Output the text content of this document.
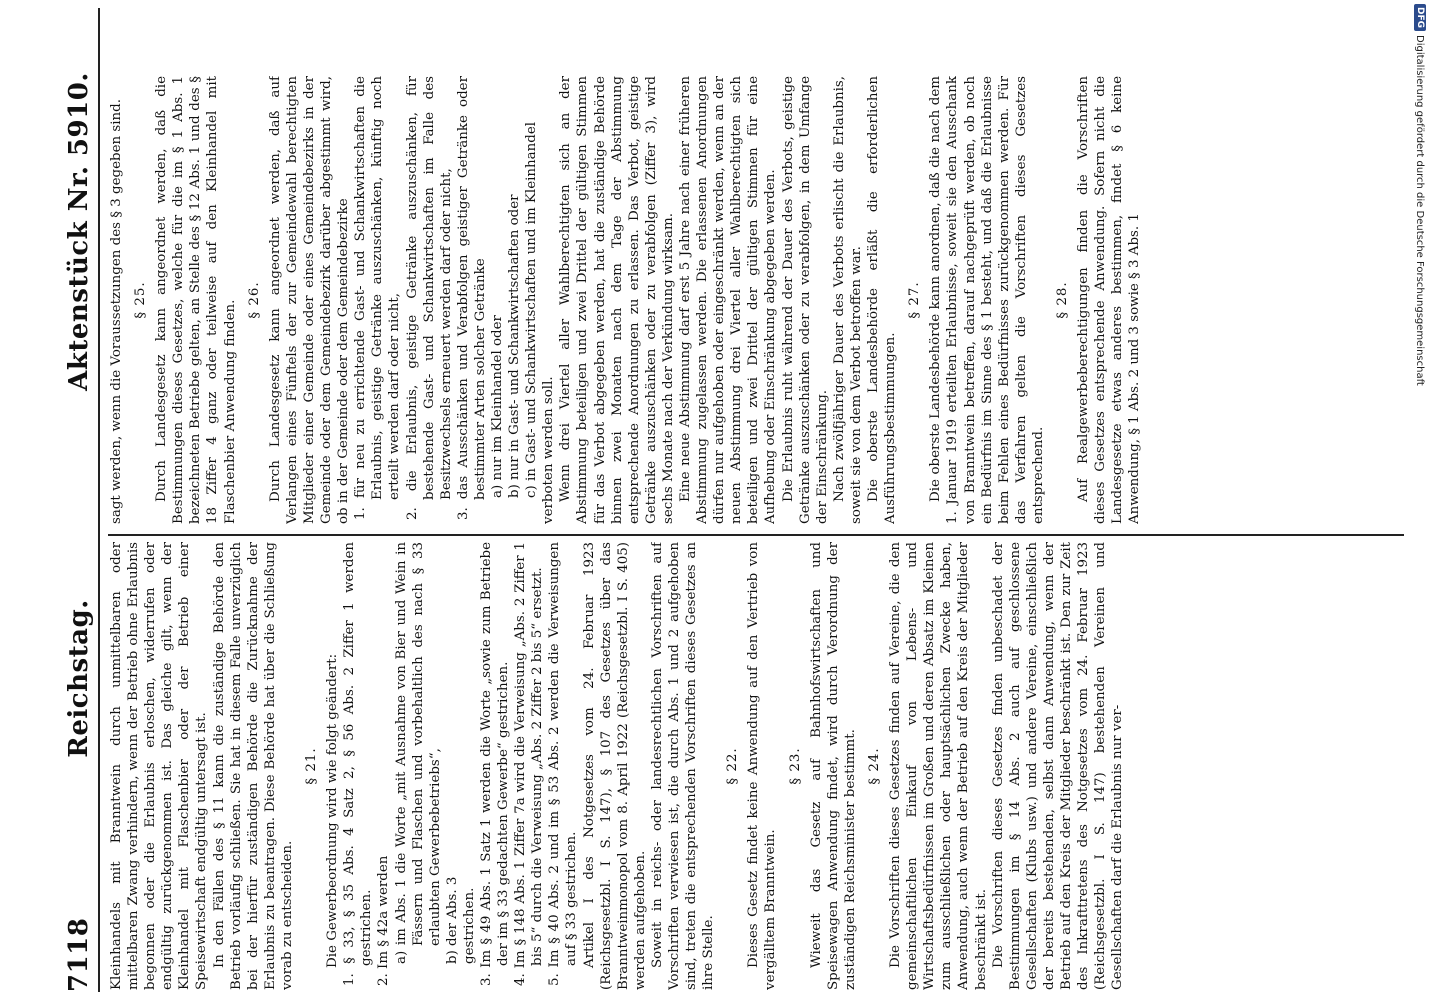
7118
Reichstag.
Aktenstück Nr. 5910.

Kleinhandels mit Branntwein durch unmittelbaren oder mittelbaren Zwang verhindern, wenn der Betrieb ohne Erlaubnis begonnen oder die Erlaubnis erloschen, widerrufen oder endgültig zurückgenommen ist. Das gleiche gilt, wenn der Kleinhandel mit Flaschenbier oder der Betrieb einer Speisewirtschaft endgültig untersagt ist. In den Fällen des § 11 kann die zuständige Behörde den Betrieb vorläufig schließen. Sie hat in diesem Falle unverzüglich bei der hierfür zuständigen Behörde die Zurücknahme der Erlaubnis zu beantragen. Diese Behörde hat über die Schließung vorab zu entscheiden.

§ 21. Die Gewerbeordnung wird wie folgt geändert: 1. § 33, § 35 Abs. 4 Satz 2, § 56 Abs. 2 Ziffer 1 werden gestrichen. 2. Im § 42a werden a) im Abs. 1 die Worte „mit Ausnahme von Bier und Wein in Fässern und Flaschen und vorbehaltlich des nach § 33 erlaubten Gewerbebetriebs“, b) der Abs. 3 gestrichen. 3. Im § 49 Abs. 1 Satz 1 werden die Worte „sowie zum Betriebe der im § 33 gedachten Gewerbe“ gestrichen. 4. Im § 148 Abs. 1 Ziffer 7a wird die Verweisung „Abs. 2 Ziffer 1 bis 5“ durch die Verweisung „Abs. 2 Ziffer 2 bis 5“ ersetzt. 5. Im § 40 Abs. 2 und im § 53 Abs. 2 werden die Verweisungen auf § 33 gestrichen. Artikel I des Notgesetzes vom 24. Februar 1923 (Reichsgesetzbl. I S. 147), § 107 des Gesetzes über das Branntweinmonopol vom 8. April 1922 (Reichsgesetzbl. I S. 405) werden aufgehoben. Soweit in reichs- oder landesrechtlichen Vorschriften auf Vorschriften verwiesen ist, die durch Abs. 1 und 2 aufgehoben sind, treten die entsprechenden Vorschriften dieses Gesetzes an ihre Stelle.

§ 22. Dieses Gesetz findet keine Anwendung auf den Vertrieb von vergälltem Branntwein.

§ 23. Wieweit das Gesetz auf Bahnhofswirtschaften und Speisewagen Anwendung findet, wird durch Verordnung der zuständigen Reichsminister bestimmt. § 24. Die Vorschriften dieses Gesetzes finden auf Vereine, die den gemeinschaftlichen Einkauf von Lebens- und Wirtschaftsbedürfnissen im Großen und deren Absatz im Kleinen zum ausschließlichen oder hauptsächlichen Zwecke haben, Anwendung, auch wenn der Betrieb auf den Kreis der Mitglieder beschränkt ist. Die Vorschriften dieses Gesetzes finden unbeschadet der Bestimmungen im § 14 Abs. 2 auch auf geschlossene Gesellschaften (Klubs usw.) und andere Vereine, einschließlich der bereits bestehenden, selbst dann Anwendung, wenn der Betrieb auf den Kreis der Mitglieder beschränkt ist. Den zur Zeit des Inkrafttretens des Notgesetzes vom 24. Februar 1923 (Reichsgesetzbl. I S. 147) bestehenden Vereinen und Gesellschaften darf die Erlaubnis nur ver-

sagt werden, wenn die Voraussetzungen des § 3 gegeben sind. § 25. Durch Landesgesetz kann angeordnet werden, daß die Bestimmungen dieses Gesetzes, welche für die im § 1 Abs. 1 bezeichneten Betriebe gelten, an Stelle des § 12 Abs. 1 und des § 18 Ziffer 4 ganz oder teilweise auf den Kleinhandel mit Flaschenbier Anwendung finden. § 26. Durch Landesgesetz kann angeordnet werden, daß auf Verlangen eines Fünftels der zur Gemeindewahl berechtigten Mitglieder einer Gemeinde oder eines Gemeindebezirks in der Gemeinde oder dem Gemeindebezirk darüber abgestimmt wird, ob in der Gemeinde oder dem Gemeindebezirke 1. für neu zu errichtende Gast- und Schankwirtschaften die Erlaubnis, geistige Getränke auszuschänken, künftig noch erteilt werden darf oder nicht, 2. die Erlaubnis, geistige Getränke auszuschänken, für bestehende Gast- und Schankwirtschaften im Falle des Besitzwechsels erneuert werden darf oder nicht, 3. das Ausschänken und Verabfolgen geistiger Getränke oder bestimmter Arten solcher Getränke a) nur im Kleinhandel oder b) nur in Gast- und Schankwirtschaften oder c) in Gast- und Schankwirtschaften und im Kleinhandel verboten werden soll. Wenn drei Viertel aller Wahlberechtigten sich an der Abstimmung beteiligen und zwei Drittel der gültigen Stimmen für das Verbot abgegeben werden, hat die zuständige Behörde binnen zwei Monaten nach dem Tage der Abstimmung entsprechende Anordnungen zu erlassen. Das Verbot, geistige Getränke auszuschänken oder zu verabfolgen (Ziffer 3), wird sechs Monate nach der Verkündung wirksam. Eine neue Abstimmung darf erst 5 Jahre nach einer früheren Abstimmung zugelassen werden. Die erlassenen Anordnungen dürfen nur aufgehoben oder eingeschränkt werden, wenn an der neuen Abstimmung drei Viertel aller Wahlberechtigten sich beteiligen und zwei Drittel der gültigen Stimmen für eine Aufhebung oder Einschränkung abgegeben werden. Die Erlaubnis ruht während der Dauer des Verbots, geistige Getränke auszuschänken oder zu verabfolgen, in dem Umfange der Einschränkung. Nach zwölfjähriger Dauer des Verbots erlischt die Erlaubnis, soweit sie von dem Verbot betroffen war. Die oberste Landesbehörde erläßt die erforderlichen Ausführungsbestimmungen.

§ 27. Die oberste Landesbehörde kann anordnen, daß die nach dem 1. Januar 1919 erteilten Erlaubnisse, soweit sie den Ausschank von Branntwein betreffen, darauf nachgeprüft werden, ob noch ein Bedürfnis im Sinne des § 1 besteht, und daß die Erlaubnisse beim Fehlen eines Bedürfnisses zurückgenommen werden. Für das Verfahren gelten die Vorschriften dieses Gesetzes entsprechend.

§ 28. Auf Realgewerbeberechtigungen finden die Vorschriften dieses Gesetzes entsprechende Anwendung. Sofern nicht die Landesgesetze etwas anderes bestimmen, findet § 6 keine Anwendung, § 1 Abs. 2 und 3 sowie § 3 Abs. 1

DFG
Digitalisierung gefördert durch die Deutsche Forschungsgemeinschaft
